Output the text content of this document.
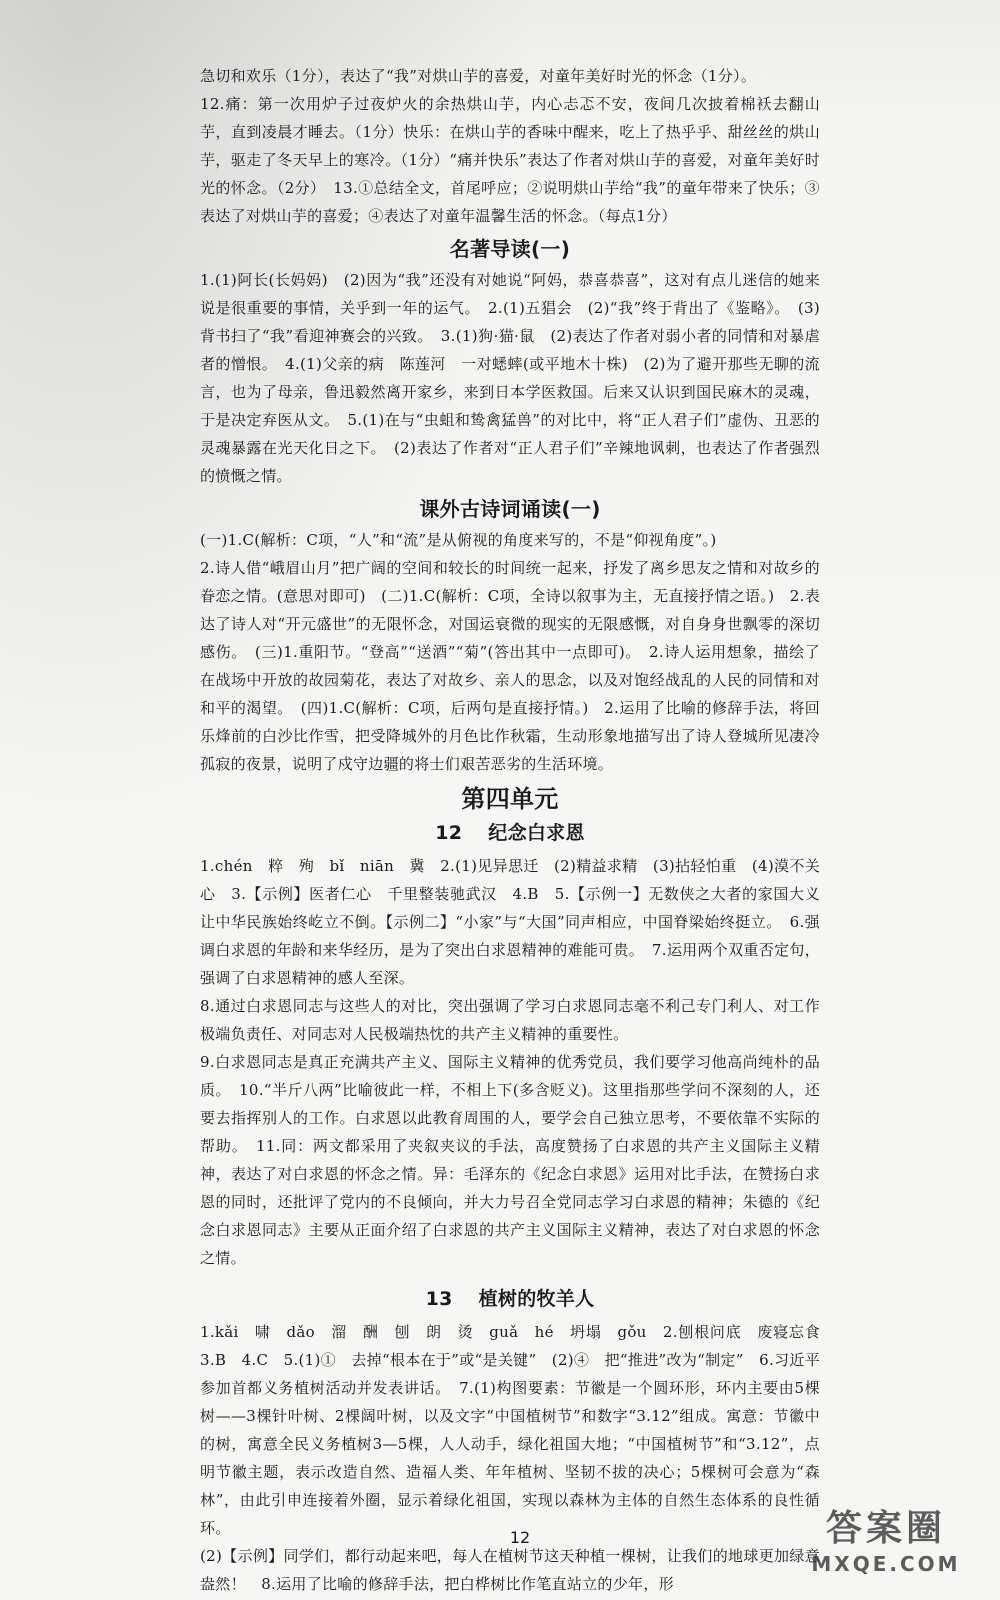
急切和欢乐（1分），表达了“我”对烘山芋的喜爱，对童年美好时光的怀念（1分）。

12.痛：第一次用炉子过夜炉火的余热烘山芋，内心忐忑不安，夜间几次披着棉袄去翻山芋，直到凌晨才睡去。（1分）快乐：在烘山芋的香味中醒来，吃上了热乎乎、甜丝丝的烘山芋，驱走了冬天早上的寒冷。（1分）“痛并快乐”表达了作者对烘山芋的喜爱，对童年美好时光的怀念。（2分）　13.①总结全文，首尾呼应；②说明烘山芋给“我”的童年带来了快乐；③表达了对烘山芋的喜爱；④表达了对童年温馨生活的怀念。（每点1分）

名著导读(一)

1.(1)阿长(长妈妈)　(2)因为“我”还没有对她说“阿妈，恭喜恭喜”，这对有点儿迷信的她来说是很重要的事情，关乎到一年的运气。　2.(1)五猖会　(2)“我”终于背出了《鉴略》。　(3)背书扫了“我”看迎神赛会的兴致。　3.(1)狗·猫·鼠　(2)表达了作者对弱小者的同情和对暴虐者的憎恨。　4.(1)父亲的病　陈莲河　一对蟋蟀(或平地木十株)　(2)为了避开那些无聊的流言，也为了母亲，鲁迅毅然离开家乡，来到日本学医救国。后来又认识到国民麻木的灵魂，于是决定弃医从文。　5.(1)在与“虫蛆和鸷禽猛兽”的对比中，将“正人君子们”虚伪、丑恶的灵魂暴露在光天化日之下。　(2)表达了作者对“正人君子们”辛辣地讽刺，也表达了作者强烈的愤慨之情。

课外古诗词诵读(一)

(一)1.C(解析：C项，“人”和“流”是从俯视的角度来写的，不是“仰视角度”。)

2.诗人借“峨眉山月”把广阔的空间和较长的时间统一起来，抒发了离乡思友之情和对故乡的眷恋之情。(意思对即可)　(二)1.C(解析：C项，全诗以叙事为主，无直接抒情之语。)　2.表达了诗人对“开元盛世”的无限怀念，对国运衰微的现实的无限感慨，对自身身世飘零的深切感伤。　(三)1.重阳节。“登高”“送酒”“菊”(答出其中一点即可)。　2.诗人运用想象，描绘了在战场中开放的故园菊花，表达了对故乡、亲人的思念，以及对饱经战乱的人民的同情和对和平的渴望。　(四)1.C(解析：C项，后两句是直接抒情。)　2.运用了比喻的修辞手法，将回乐烽前的白沙比作雪，把受降城外的月色比作秋霜，生动形象地描写出了诗人登城所见凄冷孤寂的夜景，说明了戍守边疆的将士们艰苦恶劣的生活环境。

第四单元
12 纪念白求恩

1.chén　粹　殉　bǐ　niān　冀　2.(1)见异思迁　(2)精益求精　(3)拈轻怕重　(4)漠不关心　3.【示例】医者仁心　千里整装驰武汉　4.B　5.【示例一】无数侠之大者的家国大义让中华民族始终屹立不倒。【示例二】“小家”与“大国”同声相应，中国脊梁始终挺立。　6.强调白求恩的年龄和来华经历，是为了突出白求恩精神的难能可贵。　7.运用两个双重否定句，强调了白求恩精神的感人至深。

8.通过白求恩同志与这些人的对比，突出强调了学习白求恩同志毫不利己专门利人、对工作极端负责任、对同志对人民极端热忱的共产主义精神的重要性。

9.白求恩同志是真正充满共产主义、国际主义精神的优秀党员，我们要学习他高尚纯朴的品质。　10.“半斤八两”比喻彼此一样，不相上下(多含贬义)。这里指那些学问不深刻的人，还要去指挥别人的工作。白求恩以此教育周围的人，要学会自己独立思考，不要依靠不实际的帮助。　11.同：两文都采用了夹叙夹议的手法，高度赞扬了白求恩的共产主义国际主义精神，表达了对白求恩的怀念之情。异：毛泽东的《纪念白求恩》运用对比手法，在赞扬白求恩的同时，还批评了党内的不良倾向，并大力号召全党同志学习白求恩的精神；朱德的《纪念白求恩同志》主要从正面介绍了白求恩的共产主义国际主义精神，表达了对白求恩的怀念之情。

13 植树的牧羊人

1.kǎi　啸　dǎo　溜　酬　刨　朗　烫　guǎ　hé　坍塌　gǒu　2.刨根问底　废寝忘食　3.B　4.C　5.(1)①　去掉“根本在于”或“是关键”　(2)④　把“推进”改为“制定”　6.习近平参加首都义务植树活动并发表讲话。　7.(1)构图要素：节徽是一个圆环形，环内主要由5棵树——3棵针叶树、2棵阔叶树，以及文字“中国植树节”和数字“3.12”组成。寓意：节徽中的树，寓意全民义务植树3—5棵，人人动手，绿化祖国大地；“中国植树节”和“3.12”，点明节徽主题，表示改造自然、造福人类、年年植树、坚韧不拔的决心；5棵树可会意为“森林”，由此引申连接着外圈，显示着绿化祖国，实现以森林为主体的自然生态体系的良性循环。

(2)【示例】同学们，都行动起来吧，每人在植树节这天种植一棵树，让我们的地球更加绿意盎然！　8.运用了比喻的修辞手法，把白桦树比作笔直站立的少年，形

12	答案圈
MXQE.COM
